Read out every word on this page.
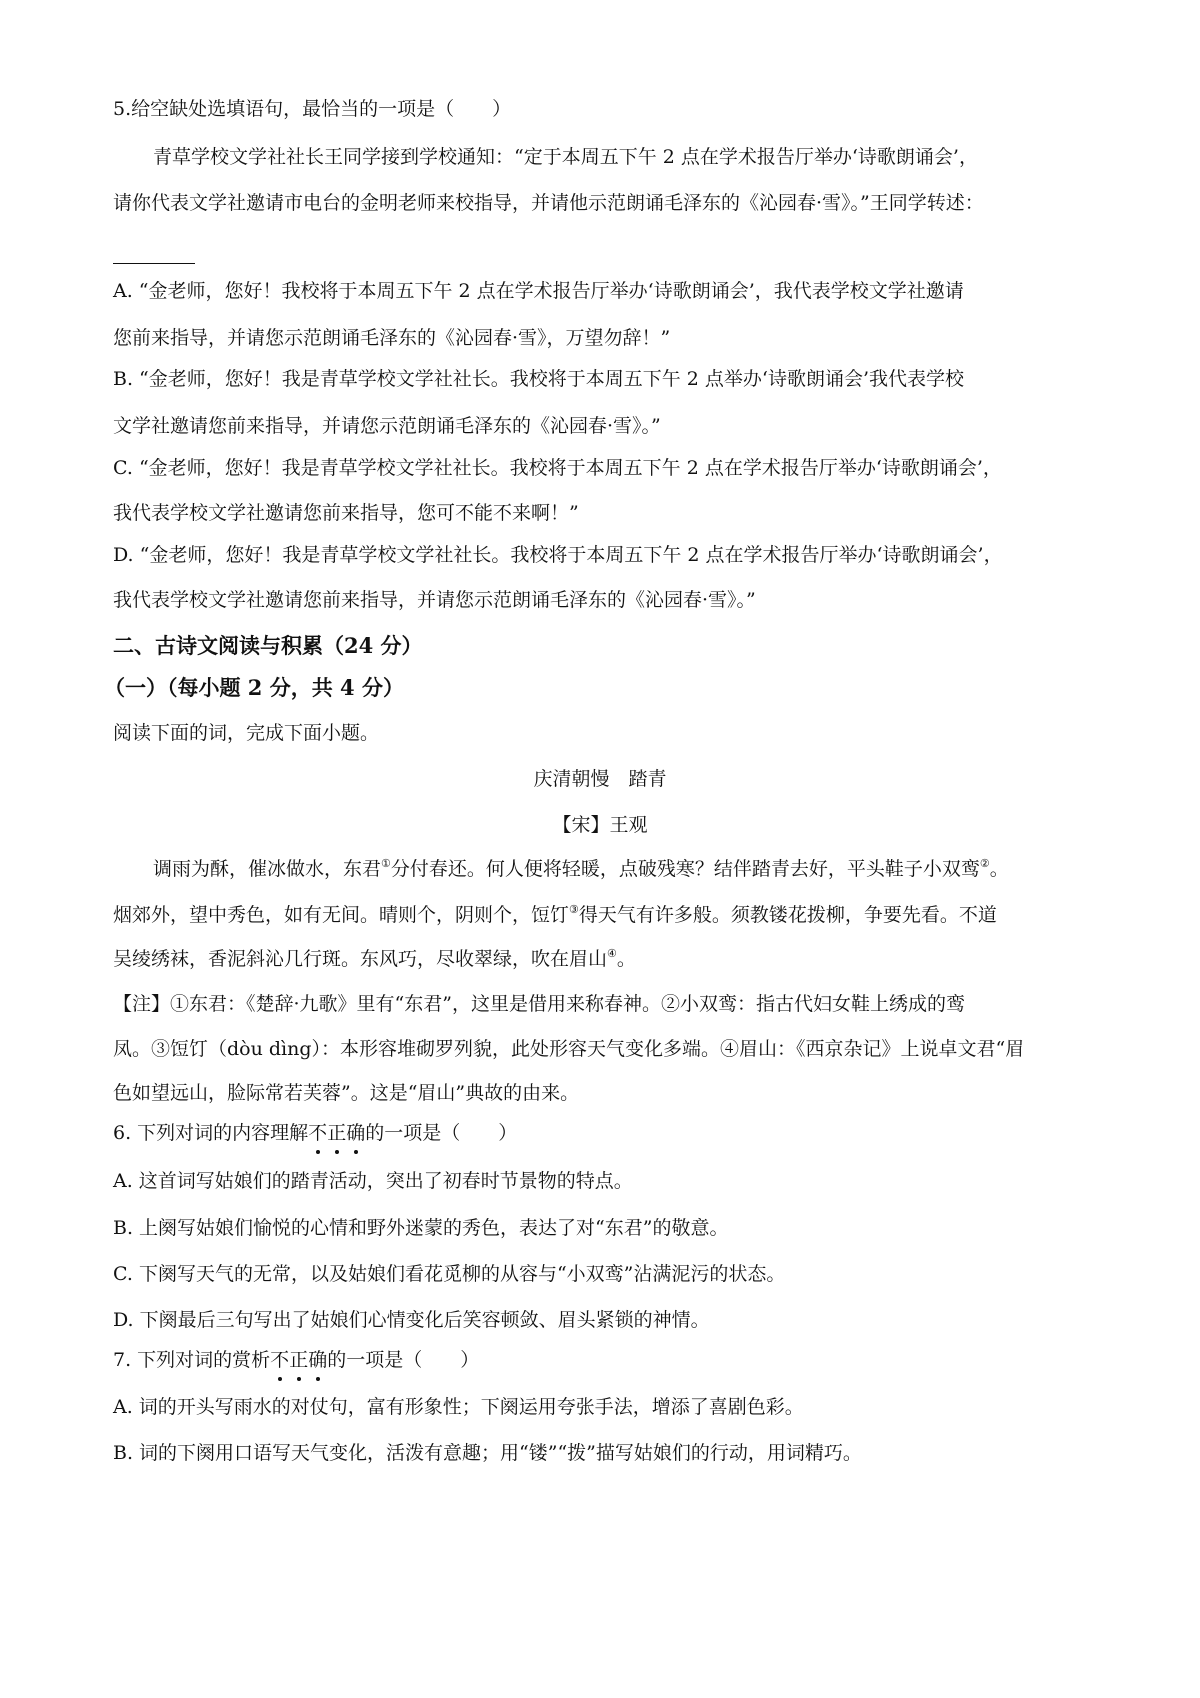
5.给空缺处选填语句，最恰当的一项是（　　）
青草学校文学社社长王同学接到学校通知：“定于本周五下午 2 点在学术报告厅举办‘诗歌朗诵会’，
请你代表文学社邀请市电台的金明老师来校指导，并请他示范朗诵毛泽东的《沁园春·雪》。”王同学转述：
A. “金老师，您好！我校将于本周五下午 2 点在学术报告厅举办‘诗歌朗诵会’，我代表学校文学社邀请
您前来指导，并请您示范朗诵毛泽东的《沁园春·雪》，万望勿辞！”
B. “金老师，您好！我是青草学校文学社社长。我校将于本周五下午 2 点举办‘诗歌朗诵会’我代表学校
文学社邀请您前来指导，并请您示范朗诵毛泽东的《沁园春·雪》。”
C. “金老师，您好！我是青草学校文学社社长。我校将于本周五下午 2 点在学术报告厅举办‘诗歌朗诵会’，
我代表学校文学社邀请您前来指导，您可不能不来啊！”
D. “金老师，您好！我是青草学校文学社社长。我校将于本周五下午 2 点在学术报告厅举办‘诗歌朗诵会’，
我代表学校文学社邀请您前来指导，并请您示范朗诵毛泽东的《沁园春·雪》。”
二、古诗文阅读与积累（24 分）
（一）（每小题 2 分，共 4 分）
阅读下面的词，完成下面小题。
庆清朝慢　踏青
【宋】王观
调雨为酥，催冰做水，东君①分付春还。何人便将轻暖，点破残寒？结伴踏青去好，平头鞋子小双鸾②。
烟郊外，望中秀色，如有无间。晴则个，阴则个，饾饤③得天气有许多般。须教镂花拨柳，争要先看。不道
吴绫绣袜，香泥斜沁几行斑。东风巧，尽收翠绿，吹在眉山④。
【注】①东君：《楚辞·九歌》里有“东君”，这里是借用来称春神。②小双鸾：指古代妇女鞋上绣成的鸾
凤。③饾饤（dòu dìng）：本形容堆砌罗列貌，此处形容天气变化多端。④眉山：《西京杂记》上说卓文君“眉
色如望远山，脸际常若芙蓉”。这是“眉山”典故的由来。
6. 下列对词的内容理解不正确的一项是（　　）
A. 这首词写姑娘们的踏青活动，突出了初春时节景物的特点。
B. 上阕写姑娘们愉悦的心情和野外迷蒙的秀色，表达了对“东君”的敬意。
C. 下阕写天气的无常，以及姑娘们看花觅柳的从容与“小双鸾”沾满泥污的状态。
D. 下阕最后三句写出了姑娘们心情变化后笑容顿敛、眉头紧锁的神情。
7. 下列对词的赏析不正确的一项是（　　）
A. 词的开头写雨水的对仗句，富有形象性；下阕运用夸张手法，增添了喜剧色彩。
B. 词的下阕用口语写天气变化，活泼有意趣；用“镂”“拨”描写姑娘们的行动，用词精巧。
